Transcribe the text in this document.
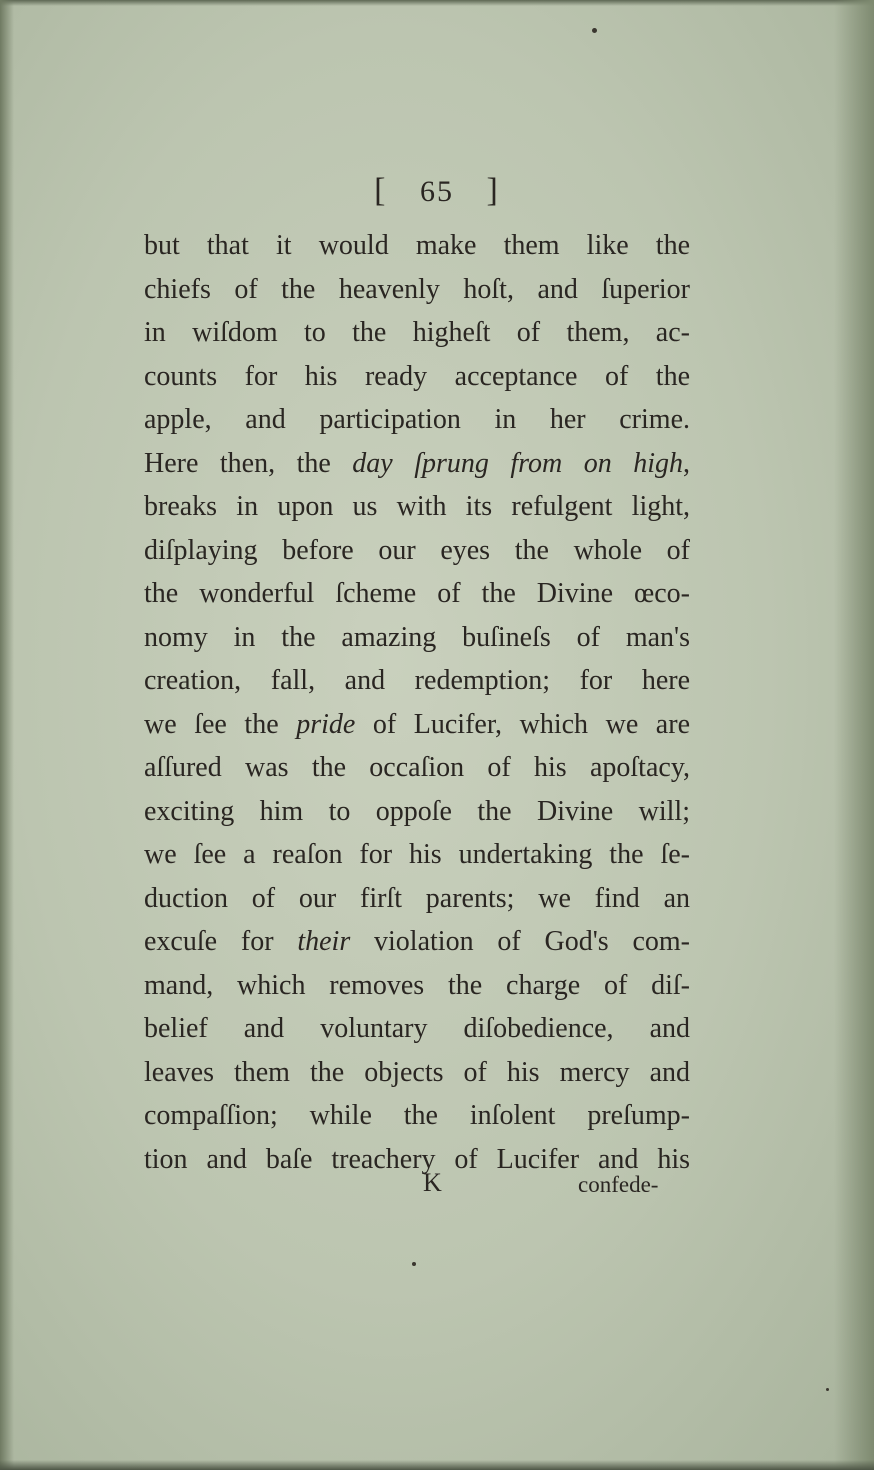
[ 65 ]
but that it would make them like the
chiefs of the heavenly hoſt, and ſuperior
in wiſdom to the higheſt of them, ac-
counts for his ready acceptance of the
apple, and participation in her crime.
Here then, the day ſprung from on high,
breaks in upon us with its refulgent light,
diſplaying before our eyes the whole of
the wonderful ſcheme of the Divine œco-
nomy in the amazing buſineſs of man's
creation, fall, and redemption; for here
we ſee the pride of Lucifer, which we are
aſſured was the occaſion of his apoſtacy,
exciting him to oppoſe the Divine will;
we ſee a reaſon for his undertaking the ſe-
duction of our firſt parents; we find an
excuſe for their violation of God's com-
mand, which removes the charge of diſ-
belief and voluntary diſobedience, and
leaves them the objects of his mercy and
compaſſion; while the inſolent preſump-
tion and baſe treachery of Lucifer and his
K	confede-
